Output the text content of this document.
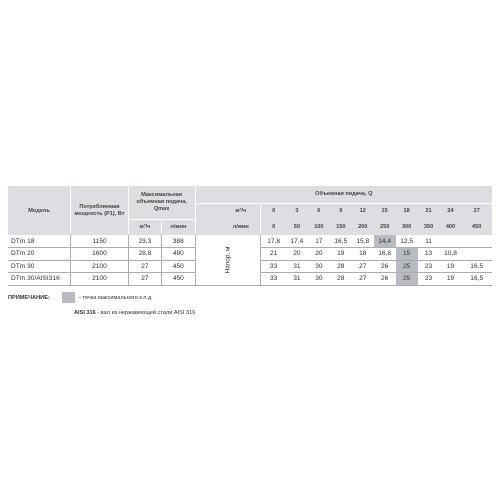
Модель	Потребляемая мощность (P1), Вт	Максимальная объемная подача, Qmax		Объемная подача, Q											
					м³/ч	0	3	6	9	12	15	18	21	24	27
		м³/ч	л/мин		л/мин	0	50	100	150	200	250	300	350	400	450
DTm 18	1150	23,3	388	Напор, м		17,8	17,4	17	16,5	15,8	14,4	12,5	11		
DTm 20	1600	28,8	480			21	20	20	19	18	16,8	15	13	10,8	
DTm 30	2100	27	450			33	31	30	28	27	26	25	23	19	16,5
DTm 30/AISI316	2100	27	450			33	31	30	28	27	26	25	23	19	16,5
ПРИМЕЧАНИЕ:	- точка максимального к.п.д.
AISI 316 - вал из нержавеющей стали AISI 316
